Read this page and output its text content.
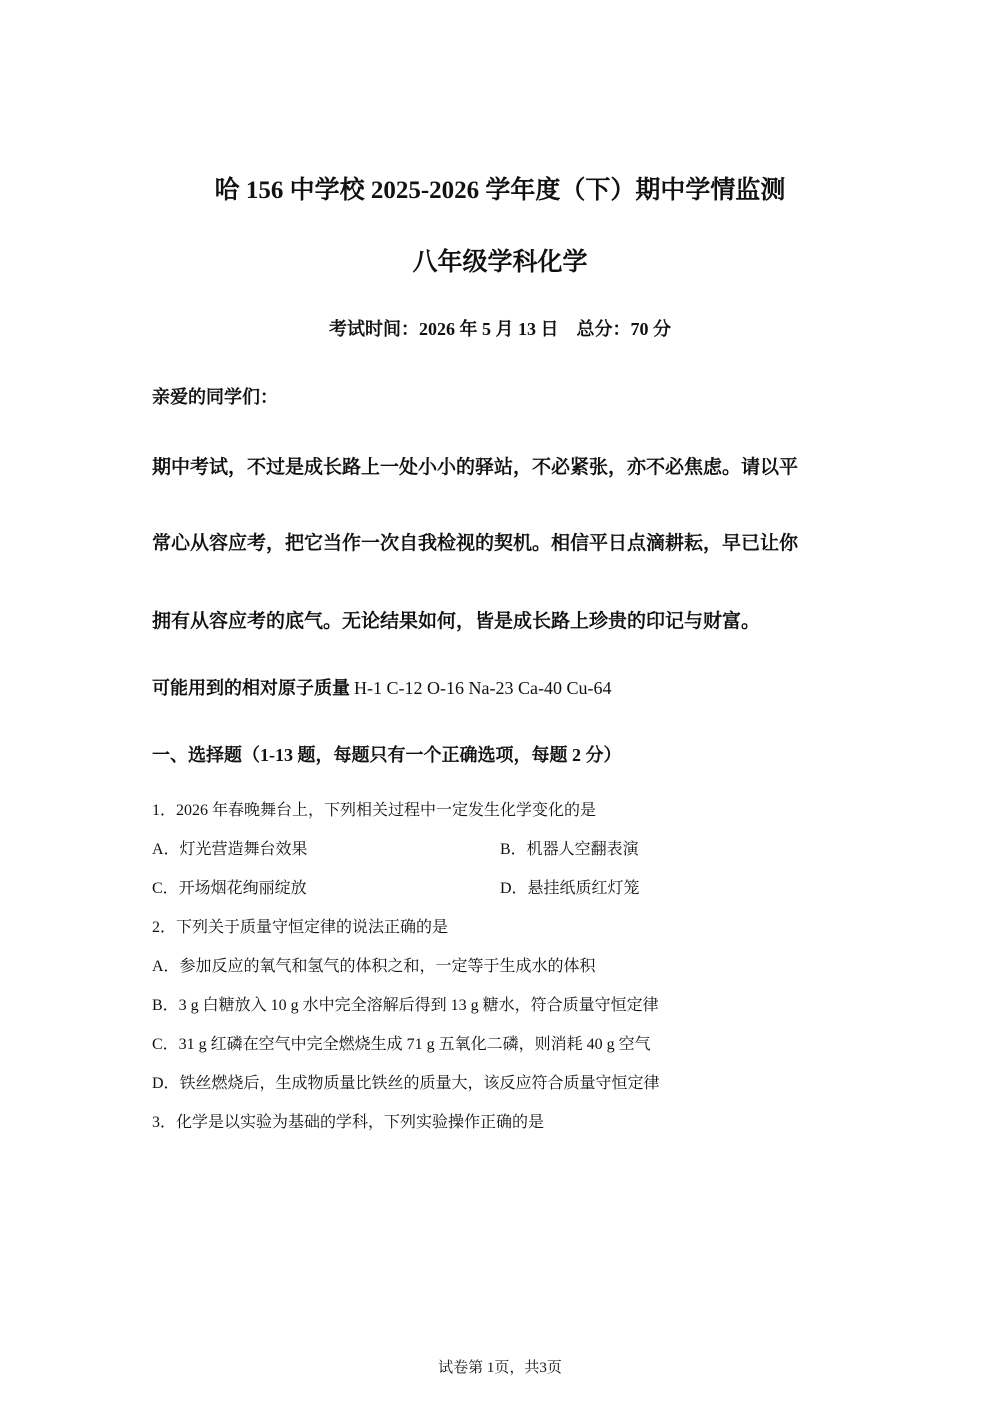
哈 156 中学校 2025-2026 学年度（下）期中学情监测
八年级学科化学
考试时间：2026 年 5 月 13 日　总分：70 分
亲爱的同学们：
期中考试，不过是成长路上一处小小的驿站，不必紧张，亦不必焦虑。请以平
常心从容应考，把它当作一次自我检视的契机。相信平日点滴耕耘，早已让你
拥有从容应考的底气。无论结果如何，皆是成长路上珍贵的印记与财富。
可能用到的相对原子质量 H-1 C-12 O-16 Na-23 Ca-40 Cu-64
一、选择题（1-13 题，每题只有一个正确选项，每题 2 分）
1．2026 年春晚舞台上，下列相关过程中一定发生化学变化的是
A．灯光营造舞台效果	B．机器人空翻表演
C．开场烟花绚丽绽放	D．悬挂纸质红灯笼
2．下列关于质量守恒定律的说法正确的是
A．参加反应的氧气和氢气的体积之和，一定等于生成水的体积
B．3 g 白糖放入 10 g 水中完全溶解后得到 13 g 糖水，符合质量守恒定律
C．31 g 红磷在空气中完全燃烧生成 71 g 五氧化二磷，则消耗 40 g 空气
D．铁丝燃烧后，生成物质量比铁丝的质量大，该反应符合质量守恒定律
3．化学是以实验为基础的学科，下列实验操作正确的是
试卷第 1页，共3页
